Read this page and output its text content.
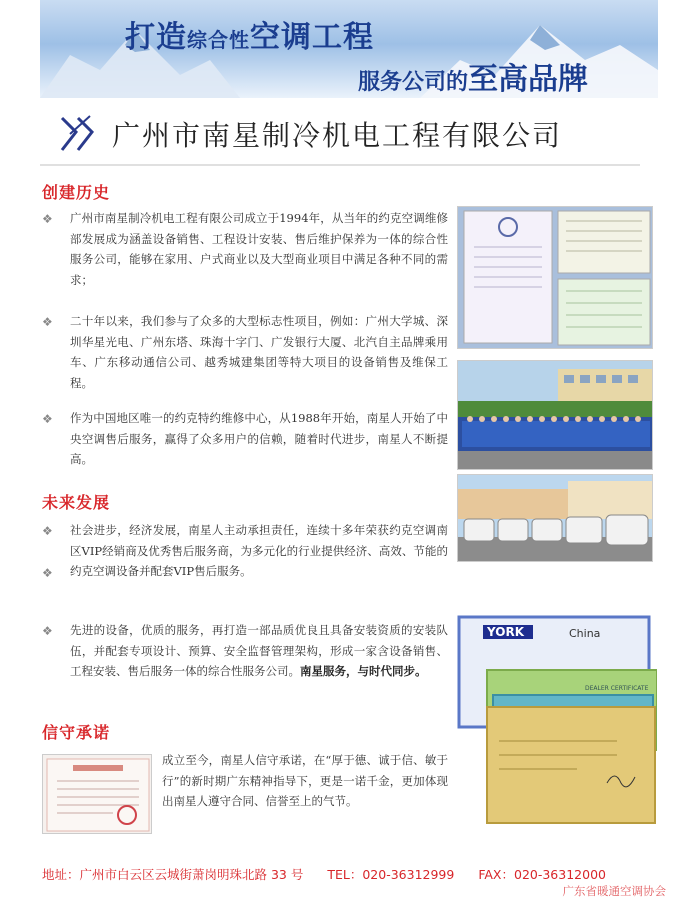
打造综合性空调工程
服务公司的至高品牌
广州市南星制冷机电工程有限公司
创建历史
❖ 广州市南星制冷机电工程有限公司成立于1994年，从当年的约克空调维修部发展成为涵盖设备销售、工程设计安装、售后维护保养为一体的综合性服务公司，能够在家用、户式商业以及大型商业项目中满足各种不同的需求；
❖ 二十年以来，我们参与了众多的大型标志性项目，例如：广州大学城、深圳华星光电、广州东塔、珠海十字门、广发银行大厦、北汽自主品牌乘用车、广东移动通信公司、越秀城建集团等特大项目的设备销售及维保工程。
❖ 作为中国地区唯一的约克特约维修中心，从1988年开始，南星人开始了中央空调售后服务，赢得了众多用户的信赖，随着时代进步，南星人不断提高。
未来发展
❖
❖
社会进步，经济发展，南星人主动承担责任，连续十多年荣获约克空调南区VIP经销商及优秀售后服务商，为多元化的行业提供经济、高效、节能的约克空调设备并配套VIP售后服务。
❖ 先进的设备，优质的服务，再打造一部品质优良且具备安装资质的安装队伍，并配套专项设计、预算、安全监督管理架构，形成一家含设备销售、工程安装、售后服务一体的综合性服务公司。南星服务，与时代同步。
信守承诺
成立至今，南星人信守承诺，在“厚于德、诚于信、敏于行”的新时期广东精神指导下，更是一诺千金，更加体现出南星人遵守合同、信誉至上的气节。
YORK	China
DEALER CERTIFICATE
地址：广州市白云区云城街萧岗明珠北路 33 号 TEL：020-36312999 FAX：020-36312000
广东省暖通空调协会
